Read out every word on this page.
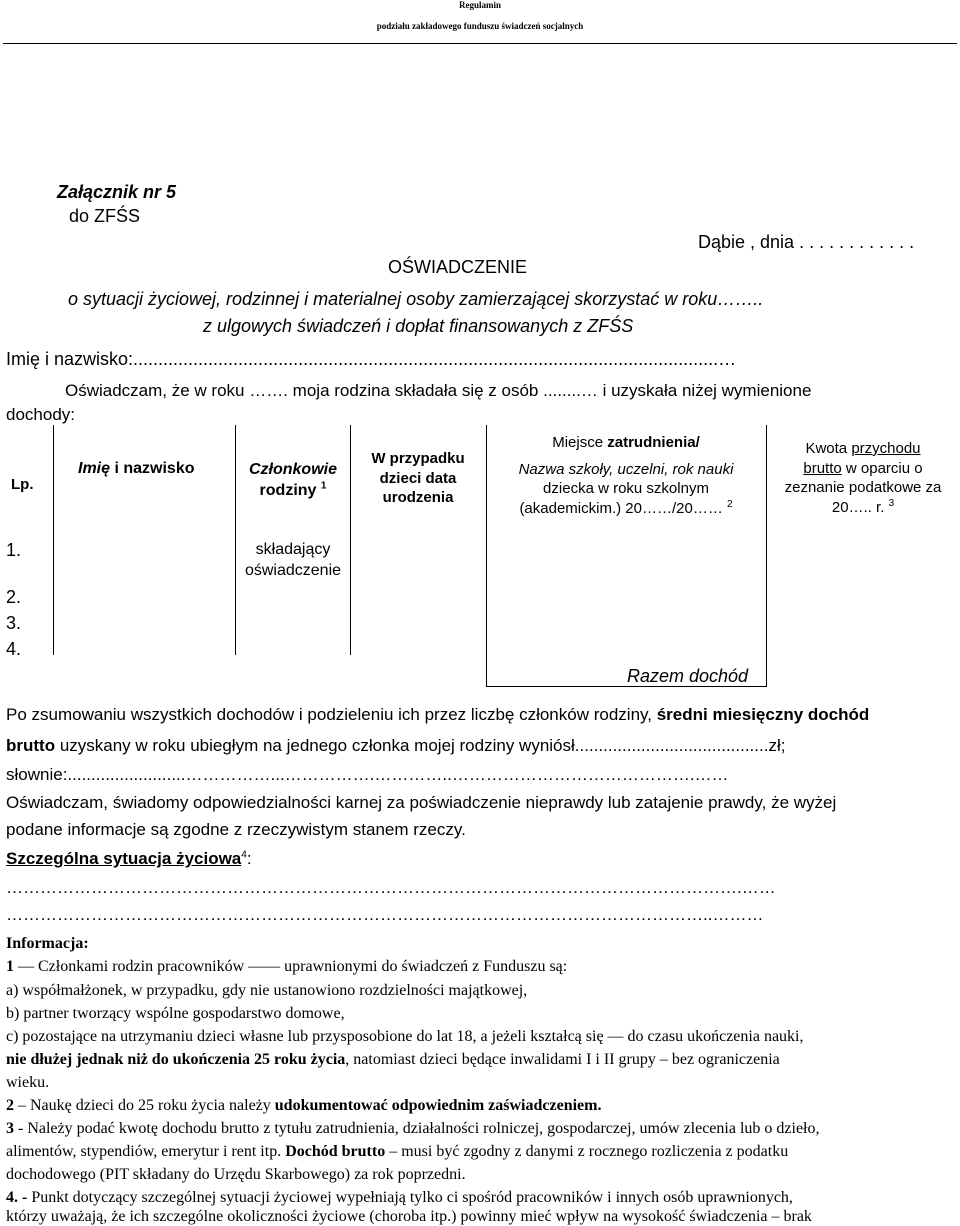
Regulamin
podziału zakładowego funduszu świadczeń socjalnych
Załącznik nr 5
do ZFŚS
Dąbie , dnia . . . . . . . . . . . .
OŚWIADCZENIE
o sytuacji życiowej, rodzinnej i materialnej osoby zamierzającej skorzystać w roku……..
z ulgowych świadczeń i dopłat finansowanych z ZFŚS
Imię i nazwisko:.....................................................................................................................…
Oświadczam, że w roku ……. moja rodzina składała się z osób ........… i uzyskała niżej wymienione
dochody:
Lp.
Imię i nazwisko	Członkowie
rodziny $^1$
W przypadku dzieci data urodzenia
Miejsce zatrudnienia/
Nazwa szkoły, uczelni, rok nauki
dziecka w roku szkolnym
(akademickim.) 20……/20…… $^2$
Kwota przychodu
brutto w oparciu o
zeznanie podatkowe za
20….. r. $^3$
1.
2.
3.
4.
składający oświadczenie
Razem dochód
Po zsumowaniu wszystkich dochodów i podzieleniu ich przez liczbę członków rodziny, średni miesięczny dochód
brutto uzyskany w roku ubiegłym na jednego członka mojej rodziny wyniósł.........................................zł;
słownie:.........................……………...…………….…………..…………………………………….……
Oświadczam, świadomy odpowiedzialności karnej za poświadczenie nieprawdy lub zatajenie prawdy, że wyżej
podane informacje są zgodne z rzeczywistym stanem rzeczy.
Szczególna sytuacja życiowa$^4$:
………………………………………………………………………………………………………………….……
……………………………………………………………………………………………………………..………
Informacja:
1 — Członkami rodzin pracowników —— uprawnionymi do świadczeń z Funduszu są:
a) współmałżonek, w przypadku, gdy nie ustanowiono rozdzielności majątkowej,
b) partner tworzący wspólne gospodarstwo domowe,
c) pozostające na utrzymaniu dzieci własne lub przysposobione do lat 18, a jeżeli kształcą się — do czasu ukończenia nauki,
nie dłużej jednak niż do ukończenia 25 roku życia, natomiast dzieci będące inwalidami I i II grupy – bez ograniczenia
wieku.
2 – Naukę dzieci do 25 roku życia należy udokumentować odpowiednim zaświadczeniem.
3 - Należy podać kwotę dochodu brutto z tytułu zatrudnienia, działalności rolniczej, gospodarczej, umów zlecenia lub o dzieło,
alimentów, stypendiów, emerytur i rent itp. Dochód brutto – musi być zgodny z danymi z rocznego rozliczenia z podatku
dochodowego (PIT składany do Urzędu Skarbowego) za rok poprzedni.
4. - Punkt dotyczący szczególnej sytuacji życiowej wypełniają tylko ci spośród pracowników i innych osób uprawnionych,
którzy uważają, że ich szczególne okoliczności życiowe (choroba itp.) powinny mieć wpływ na wysokość świadczenia – brak
